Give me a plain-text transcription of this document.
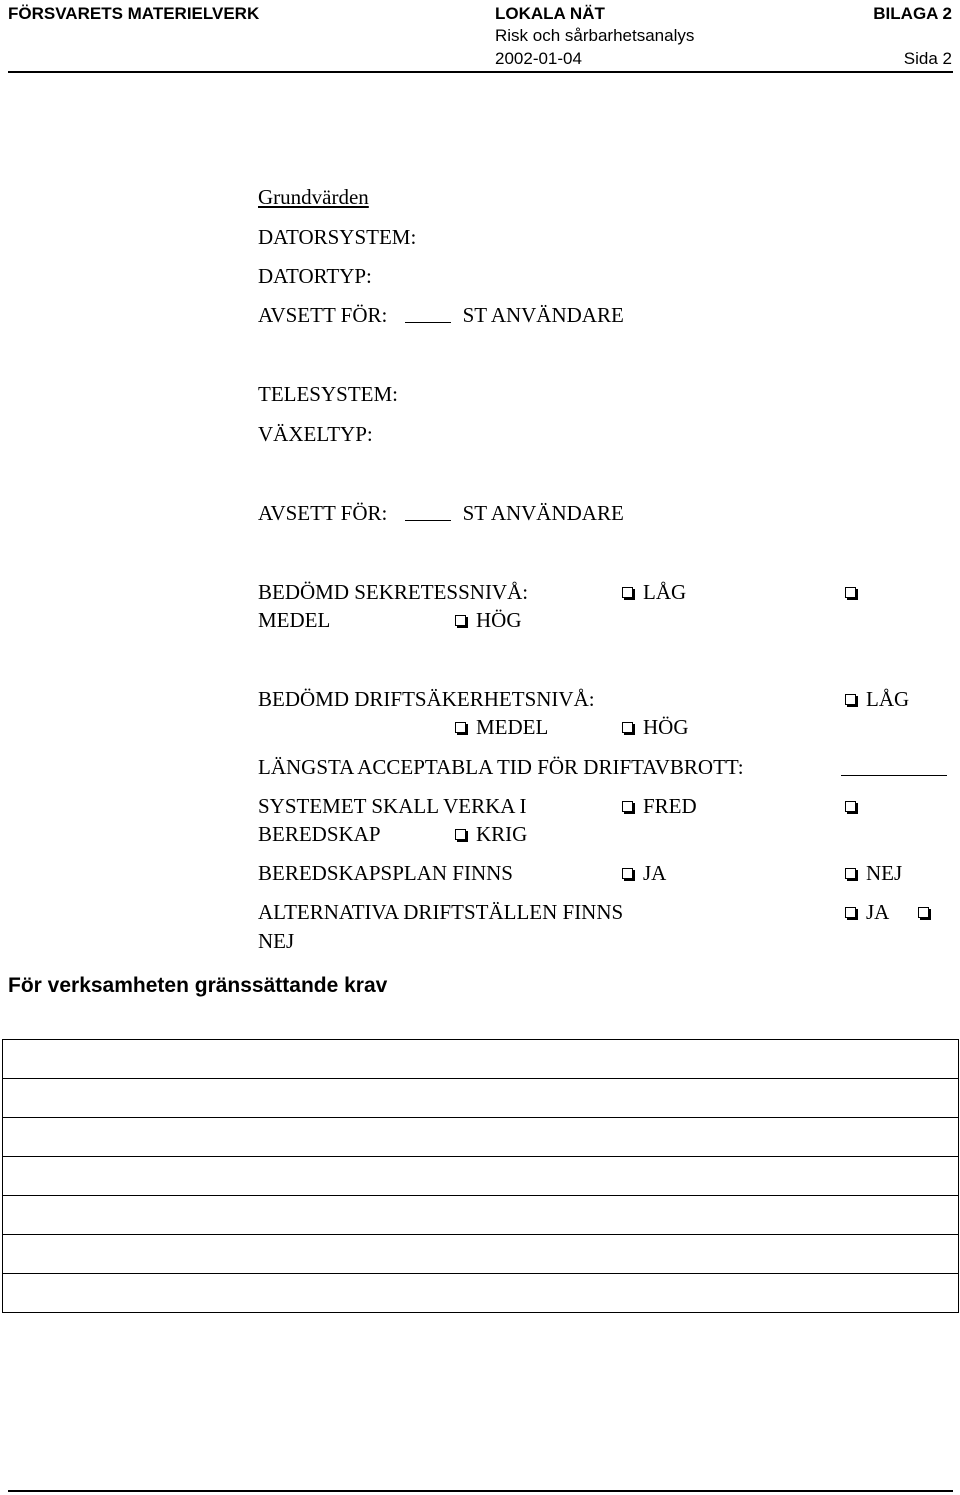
FÖRSVARETS MATERIELVERK	LOKALA NÄT
Risk och sårbarhetsanalys
2002-01-04
BILAGA 2
Sida 2
Grundvärden
DATORSYSTEM:
DATORTYP:
AVSETT FÖR:	ST ANVÄNDARE
TELESYSTEM:
VÄXELTYP:
AVSETT FÖR:	ST ANVÄNDARE
BEDÖMD SEKRETESSNIVÅ:	LÅG
MEDEL	HÖG
BEDÖMD DRIFTSÄKERHETSNIVÅ:	LÅG
MEDEL	HÖG
LÄNGSTA ACCEPTABLA TID FÖR DRIFTAVBROTT:
SYSTEMET SKALL VERKA I	FRED
BEREDSKAP	KRIG
BEREDSKAPSPLAN FINNS	JA	NEJ
ALTERNATIVA DRIFTSTÄLLEN FINNS	JA
NEJ
För verksamheten gränssättande krav
